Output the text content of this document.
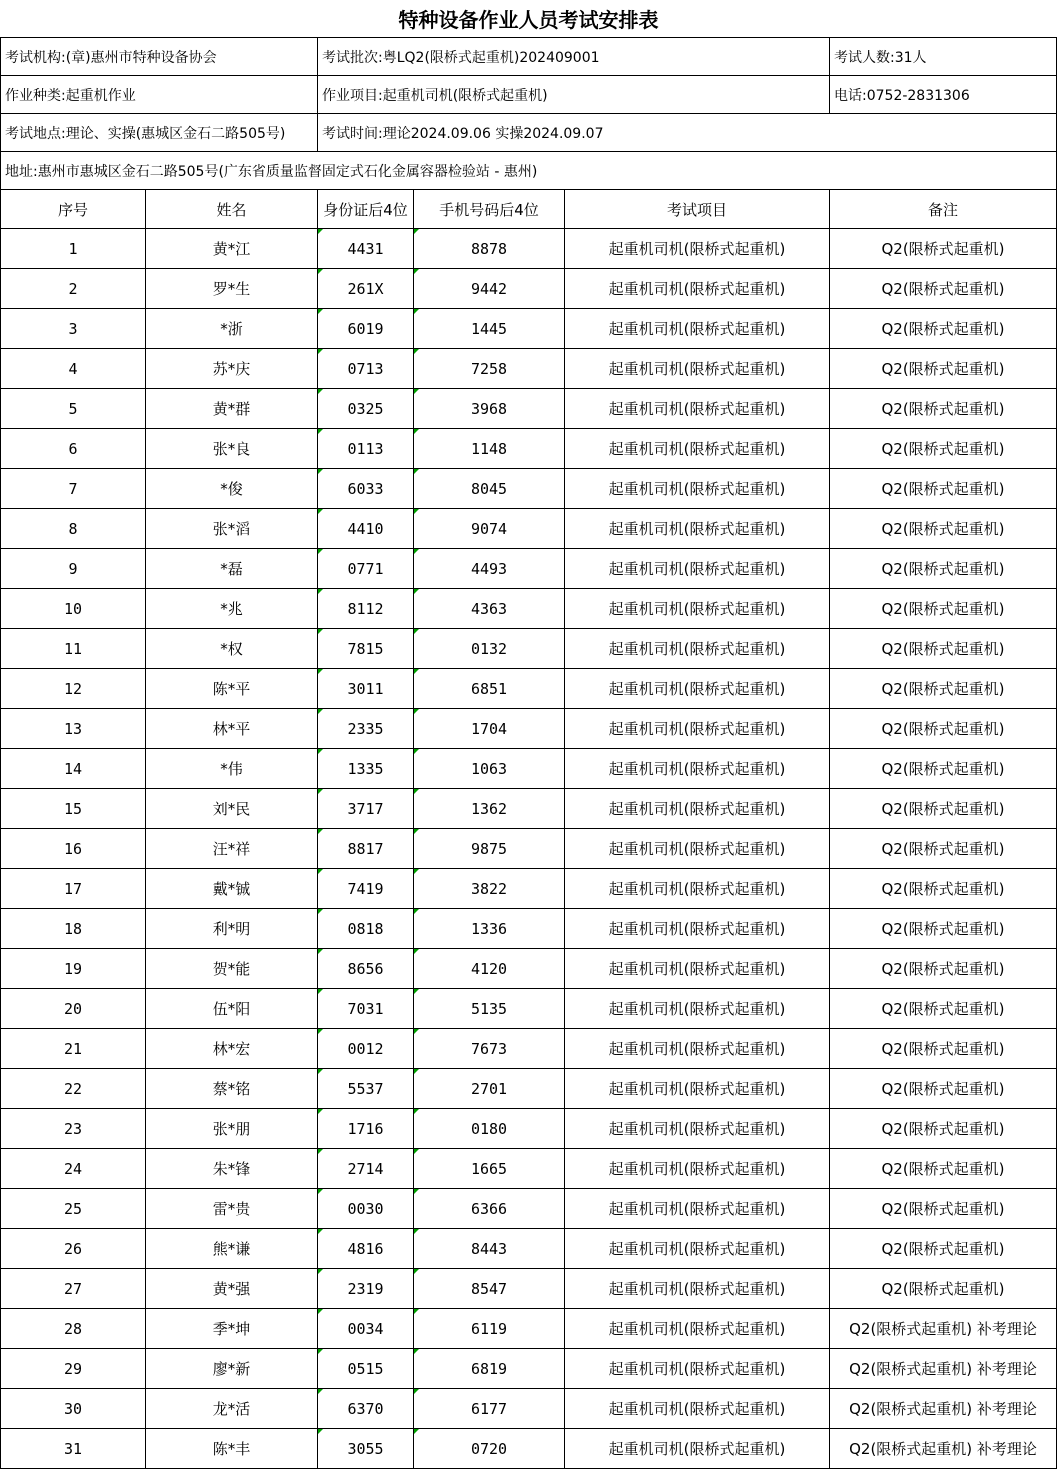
特种设备作业人员考试安排表					
考试机构:(章)惠州市特种设备协会		考试批次:粤LQ2(限桥式起重机)202409001			考试人数:31人
作业种类:起重机作业		作业项目:起重机司机(限桥式起重机)			电话:0752-2831306
考试地点:理论、实操(惠城区金石二路505号)		考试时间:理论2024.09.06 实操2024.09.07			
地址:惠州市惠城区金石二路505号(广东省质量监督固定式石化金属容器检验站 - 惠州)					
序号	姓名	身份证后4位	手机号码后4位	考试项目	备注
1	黄*江	4431	8878	起重机司机(限桥式起重机)	Q2(限桥式起重机)
2	罗*生	261X	9442	起重机司机(限桥式起重机)	Q2(限桥式起重机)
3	*浙	6019	1445	起重机司机(限桥式起重机)	Q2(限桥式起重机)
4	苏*庆	0713	7258	起重机司机(限桥式起重机)	Q2(限桥式起重机)
5	黄*群	0325	3968	起重机司机(限桥式起重机)	Q2(限桥式起重机)
6	张*良	0113	1148	起重机司机(限桥式起重机)	Q2(限桥式起重机)
7	*俊	6033	8045	起重机司机(限桥式起重机)	Q2(限桥式起重机)
8	张*滔	4410	9074	起重机司机(限桥式起重机)	Q2(限桥式起重机)
9	*磊	0771	4493	起重机司机(限桥式起重机)	Q2(限桥式起重机)
10	*兆	8112	4363	起重机司机(限桥式起重机)	Q2(限桥式起重机)
11	*权	7815	0132	起重机司机(限桥式起重机)	Q2(限桥式起重机)
12	陈*平	3011	6851	起重机司机(限桥式起重机)	Q2(限桥式起重机)
13	林*平	2335	1704	起重机司机(限桥式起重机)	Q2(限桥式起重机)
14	*伟	1335	1063	起重机司机(限桥式起重机)	Q2(限桥式起重机)
15	刘*民	3717	1362	起重机司机(限桥式起重机)	Q2(限桥式起重机)
16	汪*祥	8817	9875	起重机司机(限桥式起重机)	Q2(限桥式起重机)
17	戴*铖	7419	3822	起重机司机(限桥式起重机)	Q2(限桥式起重机)
18	利*明	0818	1336	起重机司机(限桥式起重机)	Q2(限桥式起重机)
19	贺*能	8656	4120	起重机司机(限桥式起重机)	Q2(限桥式起重机)
20	伍*阳	7031	5135	起重机司机(限桥式起重机)	Q2(限桥式起重机)
21	林*宏	0012	7673	起重机司机(限桥式起重机)	Q2(限桥式起重机)
22	蔡*铭	5537	2701	起重机司机(限桥式起重机)	Q2(限桥式起重机)
23	张*朋	1716	0180	起重机司机(限桥式起重机)	Q2(限桥式起重机)
24	朱*锋	2714	1665	起重机司机(限桥式起重机)	Q2(限桥式起重机)
25	雷*贵	0030	6366	起重机司机(限桥式起重机)	Q2(限桥式起重机)
26	熊*谦	4816	8443	起重机司机(限桥式起重机)	Q2(限桥式起重机)
27	黄*强	2319	8547	起重机司机(限桥式起重机)	Q2(限桥式起重机)
28	季*坤	0034	6119	起重机司机(限桥式起重机)	Q2(限桥式起重机) 补考理论
29	廖*新	0515	6819	起重机司机(限桥式起重机)	Q2(限桥式起重机) 补考理论
30	龙*活	6370	6177	起重机司机(限桥式起重机)	Q2(限桥式起重机) 补考理论
31	陈*丰	3055	0720	起重机司机(限桥式起重机)	Q2(限桥式起重机) 补考理论
